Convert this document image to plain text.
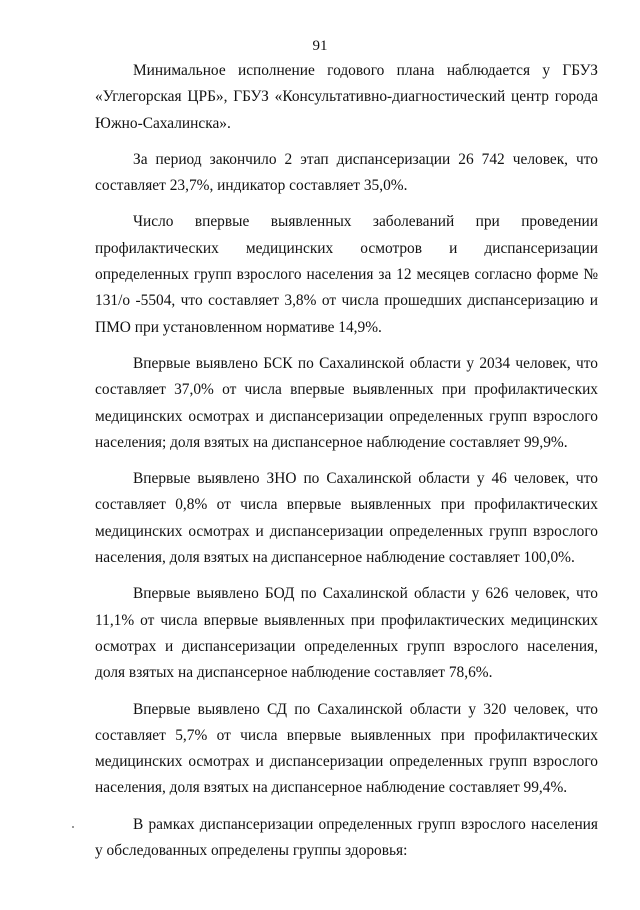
91

Минимальное исполнение годового плана наблюдается у ГБУЗ «Углегорская ЦРБ», ГБУЗ «Консультативно-диагностический центр города Южно-Сахалинска».

За период закончило 2 этап диспансеризации 26 742 человек, что составляет 23,7%, индикатор составляет 35,0%.

Число впервые выявленных заболеваний при проведении профилактических медицинских осмотров и диспансеризации определенных групп взрослого населения за 12 месяцев согласно форме № 131/о -5504, что составляет 3,8% от числа прошедших диспансеризацию и ПМО при установленном нормативе 14,9%.

Впервые выявлено БСК по Сахалинской области у 2034 человек, что составляет 37,0% от числа впервые выявленных при профилактических медицинских осмотрах и диспансеризации определенных групп взрослого населения; доля взятых на диспансерное наблюдение составляет 99,9%.

Впервые выявлено ЗНО по Сахалинской области у 46 человек, что составляет 0,8% от числа впервые выявленных при профилактических медицинских осмотрах и диспансеризации определенных групп взрослого населения, доля взятых на диспансерное наблюдение составляет 100,0%.

Впервые выявлено БОД по Сахалинской области у 626 человек, что 11,1% от числа впервые выявленных при профилактических медицинских осмотрах и диспансеризации определенных групп взрослого населения, доля взятых на диспансерное наблюдение составляет 78,6%.

Впервые выявлено СД по Сахалинской области у 320 человек, что составляет 5,7% от числа впервые выявленных при профилактических медицинских осмотрах и диспансеризации определенных групп взрослого населения, доля взятых на диспансерное наблюдение составляет 99,4%.

В рамках диспансеризации определенных групп взрослого населения у обследованных определены группы здоровья:
